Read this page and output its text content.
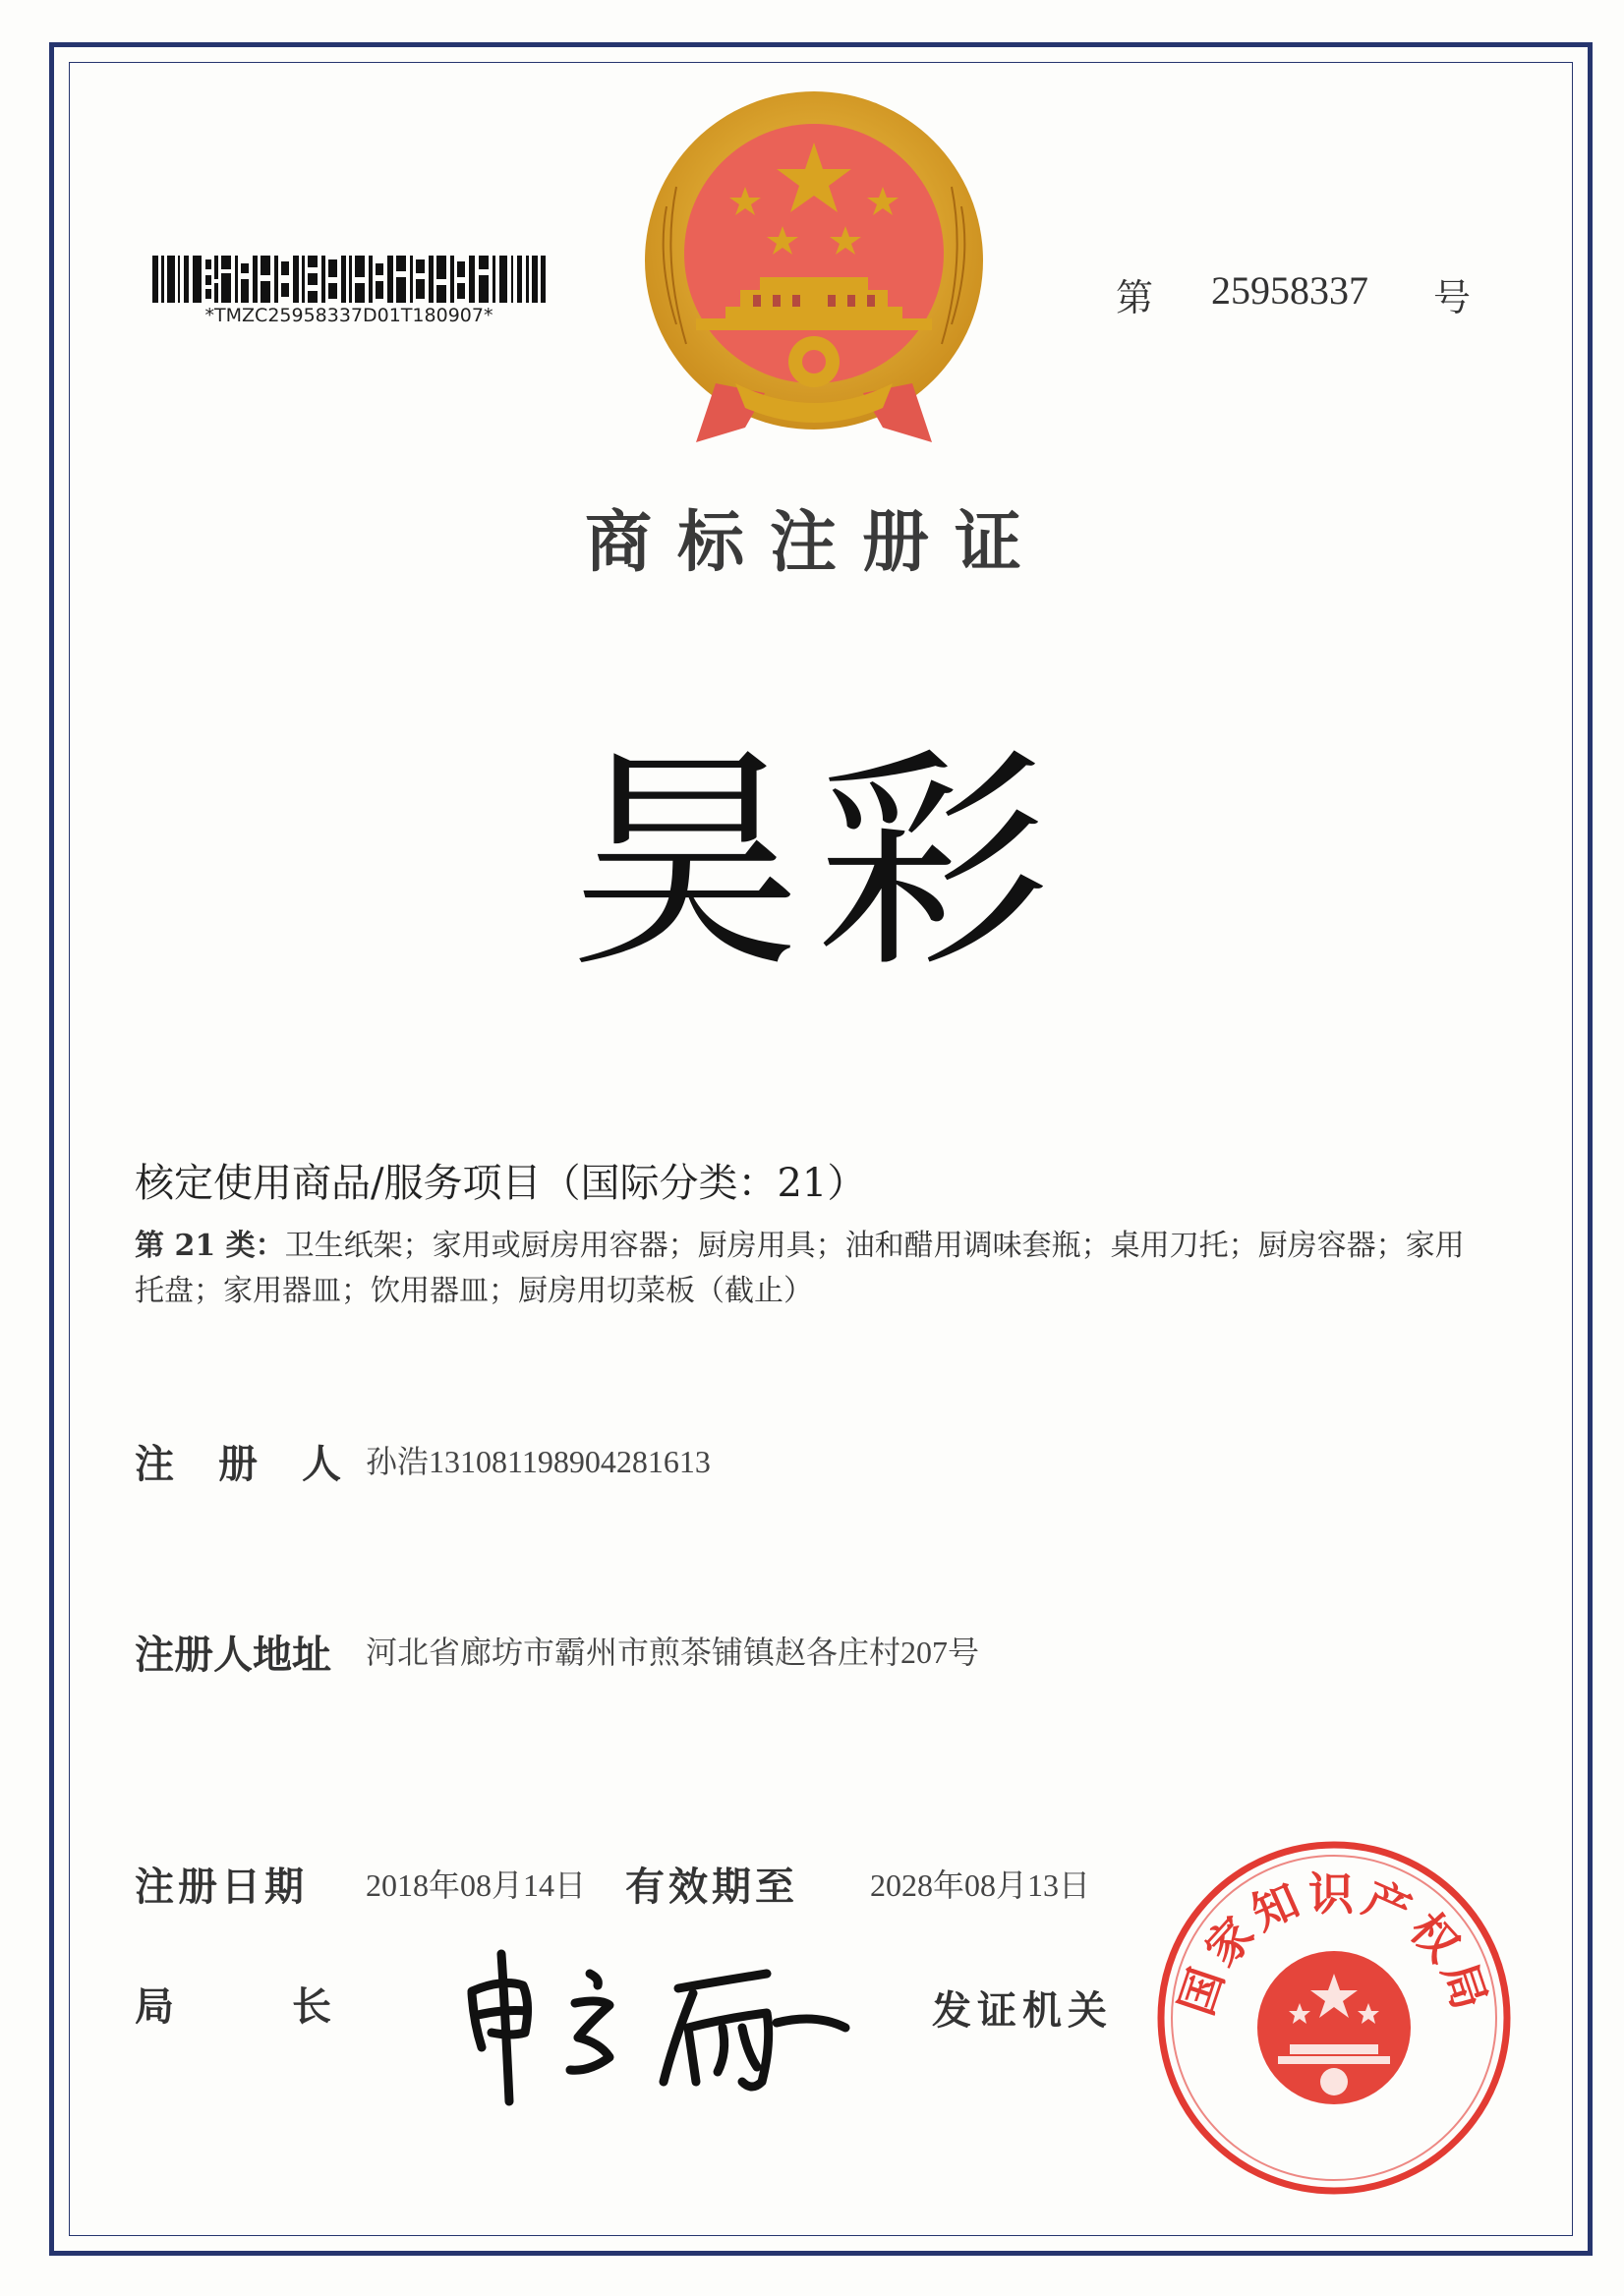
*TMZC25958337D01T180907*	第 25958337 号
商标注册证
昊彩
核定使用商品/服务项目（国际分类：21）
第 21 类：卫生纸架；家用或厨房用容器；厨房用具；油和醋用调味套瓶；桌用刀托；厨房容器；家用托盘；家用器皿；饮用器皿；厨房用切菜板（截止）
注册人 孙浩131081198904281613
注册人地址 河北省廊坊市霸州市煎茶铺镇赵各庄村207号
注册日期 2018年08月14日 有效期至 2028年08月13日
局长	发证机关 国家知识产权局
